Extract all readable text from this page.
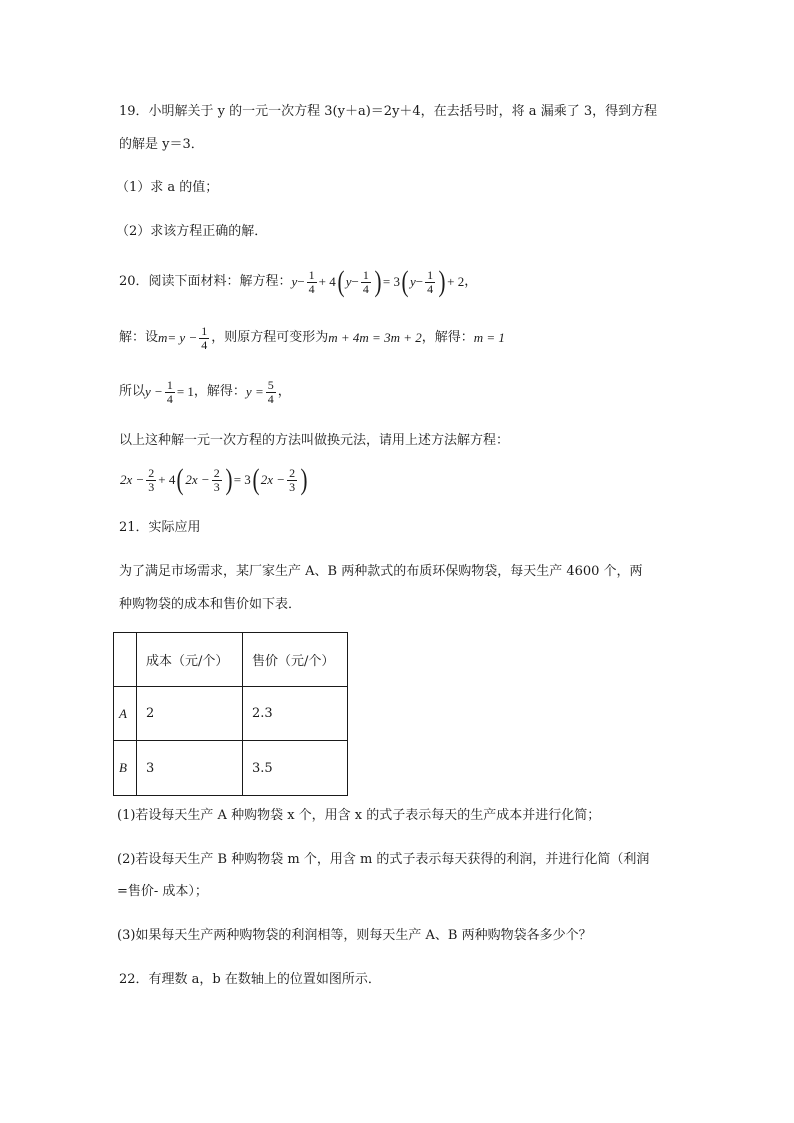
19．小明解关于 y 的一元一次方程 3(y＋a)＝2y＋4，在去括号时，将 a 漏乘了 3，得到方程
的解是 y＝3．
（1）求 a 的值；
（2）求该方程正确的解．
20．阅读下面材料：解方程： $y - \frac{1}{4} + 4$ ( $y - \frac{1}{4}$ ) = 3 ( $y - \frac{1}{4}$ ) + 2 ，
解：设 $m = y - \frac{1}{4}$ ，则原方程可变形为 m + 4m = 3m + 2 ，解得： m = 1
所以 $y - \frac{1}{4} = 1$ ，解得： $y = \frac{5}{4}$ ，
以上这种解一元一次方程的方法叫做换元法，请用上述方法解方程：
$2x - \frac{2}{3} + 4$ ( $2x - \frac{2}{3}$ ) = 3 ( $2x - \frac{2}{3}$ )
21．实际应用
为了满足市场需求，某厂家生产 A、B 两种款式的布质环保购物袋，每天生产 4600 个，两
种购物袋的成本和售价如下表．
	成本（元/个）	售价（元/个）
A	2	2.3
B	3	3.5
(1)若设每天生产 A 种购物袋 x 个，用含 x 的式子表示每天的生产成本并进行化简；
(2)若设每天生产 B 种购物袋 m 个，用含 m 的式子表示每天获得的利润，并进行化简（利润
=售价- 成本）；
(3)如果每天生产两种购物袋的利润相等，则每天生产 A、B 两种购物袋各多少个？
22．有理数 a，b 在数轴上的位置如图所示．
